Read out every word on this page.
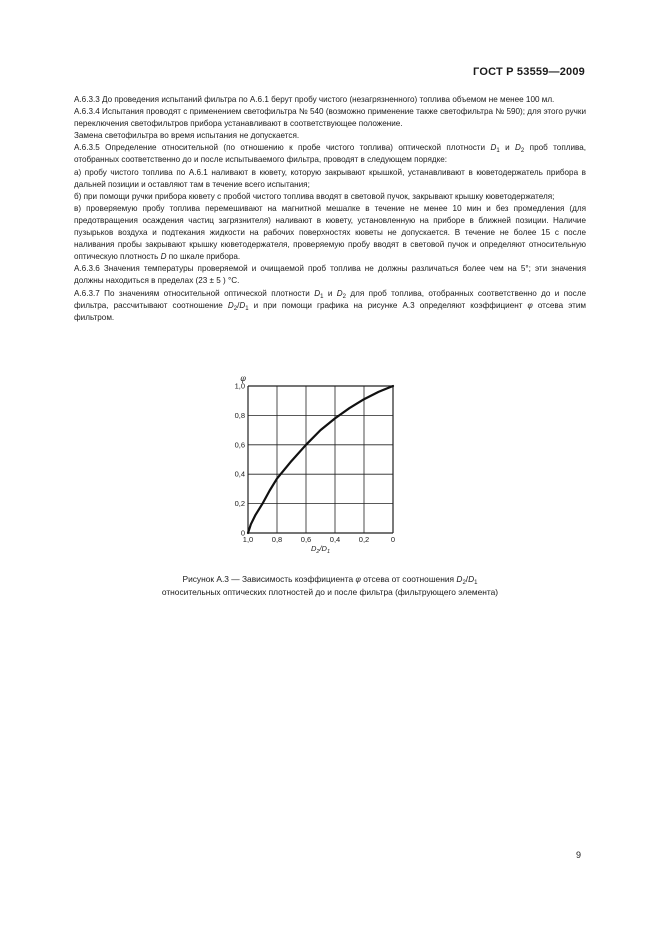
ГОСТ Р 53559—2009

А.6.3.3 До проведения испытаний фильтра по А.6.1 берут пробу чистого (незагрязненного) топлива объемом не менее 100 мл.

А.6.3.4 Испытания проводят с применением светофильтра № 540 (возможно применение также светофильтра № 590); для этого ручки переключения светофильтров прибора устанавливают в соответствующее положение.

Замена светофильтра во время испытания не допускается.

А.6.3.5 Определение относительной (по отношению к пробе чистого топлива) оптической плотности $D_1$ и $D_2$ проб топлива, отобранных соответственно до и после испытываемого фильтра, проводят в следующем порядке:

а) пробу чистого топлива по А.6.1 наливают в кювету, которую закрывают крышкой, устанавливают в кюветодержатель прибора в дальней позиции и оставляют там в течение всего испытания;

б) при помощи ручки прибора кювету с пробой чистого топлива вводят в световой пучок, закрывают крышку кюветодержателя;

в) проверяемую пробу топлива перемешивают на магнитной мешалке в течение не менее 10 мин и без промедления (для предотвращения осаждения частиц загрязнителя) наливают в кювету, установленную на приборе в ближней позиции. Наличие пузырьков воздуха и подтекания жидкости на рабочих поверхностях кюветы не допускается. В течение не более 15 с после наливания пробы закрывают крышку кюветодержателя, проверяемую пробу вводят в световой пучок и определяют относительную оптическую плотность D по шкале прибора.

А.6.3.6 Значения температуры проверяемой и очищаемой проб топлива не должны различаться более чем на 5°; эти значения должны находиться в пределах (23 ± 5 ) °С.

А.6.3.7 По значениям относительной оптической плотности $D_1$ и $D_2$ для проб топлива, отобранных соответственно до и после фильтра, рассчитывают соотношение $D_2/D_1$ и при помощи графика на рисунке А.3 определяют коэффициент φ отсева этим фильтром.

1,0 0,8 0,6 0,4 0,2	0
0
0,2
0,4
0,6
0,8
1,0
φ
$D_2/D_1$
Рисунок А.3 — Зависимость коэффициента φ отсева от соотношения $D_2/D_1$
относительных оптических плотностей до и после фильтра (фильтрующего элемента)
9
